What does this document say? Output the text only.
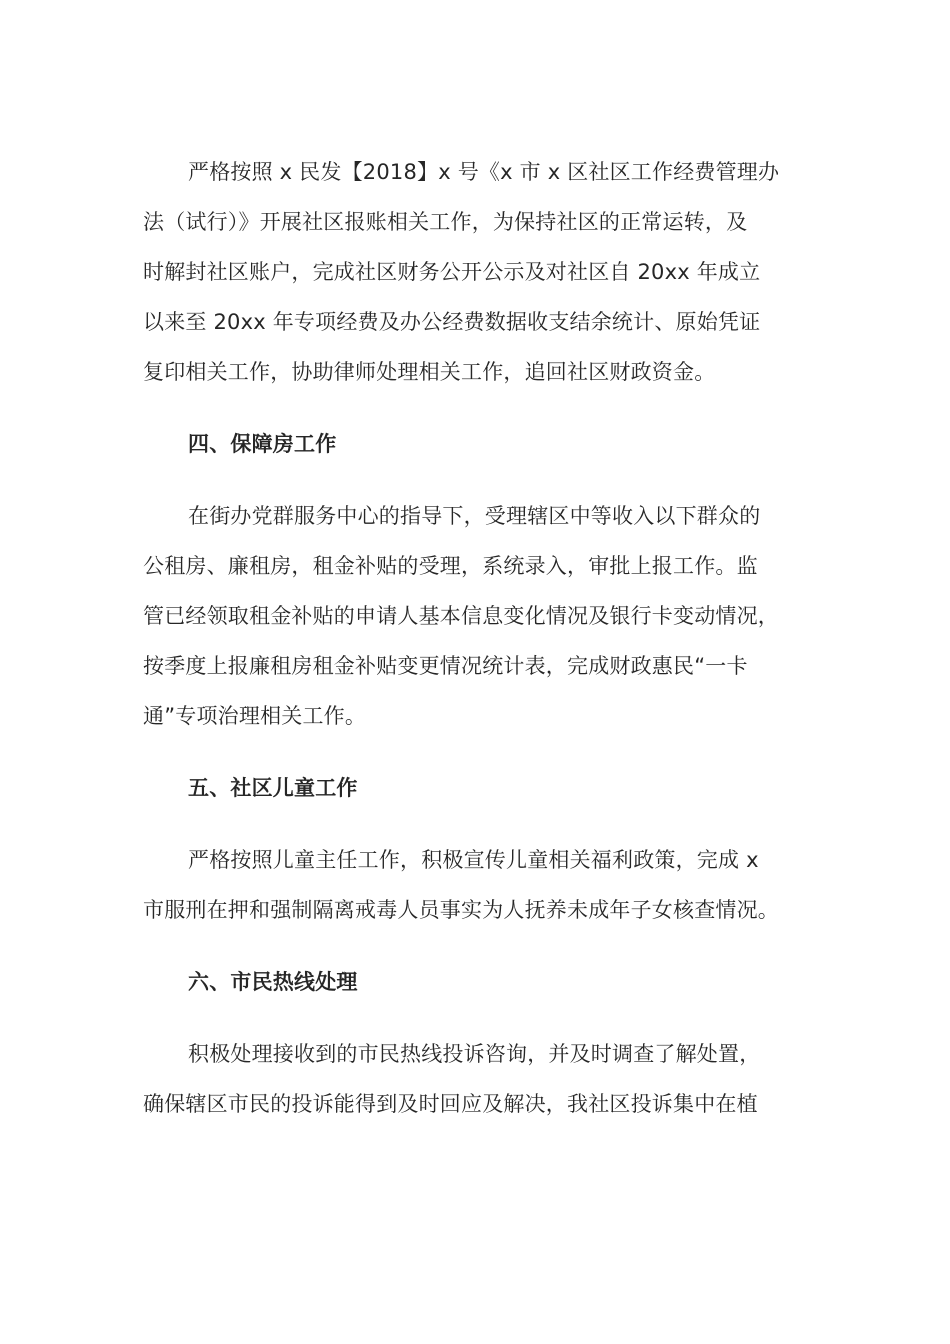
严格按照 x 民发【2018】x 号《x 市 x 区社区工作经费管理办
法（试行）》开展社区报账相关工作，为保持社区的正常运转，及
时解封社区账户，完成社区财务公开公示及对社区自 20xx 年成立
以来至 20xx 年专项经费及办公经费数据收支结余统计、原始凭证
复印相关工作，协助律师处理相关工作，追回社区财政资金。
四、保障房工作
在街办党群服务中心的指导下，受理辖区中等收入以下群众的
公租房、廉租房，租金补贴的受理，系统录入，审批上报工作。监
管已经领取租金补贴的申请人基本信息变化情况及银行卡变动情况，
按季度上报廉租房租金补贴变更情况统计表，完成财政惠民“一卡
通”专项治理相关工作。
五、社区儿童工作
严格按照儿童主任工作，积极宣传儿童相关福利政策，完成 x
市服刑在押和强制隔离戒毒人员事实为人抚养未成年子女核查情况。
六、市民热线处理
积极处理接收到的市民热线投诉咨询，并及时调查了解处置，
确保辖区市民的投诉能得到及时回应及解决，我社区投诉集中在植
